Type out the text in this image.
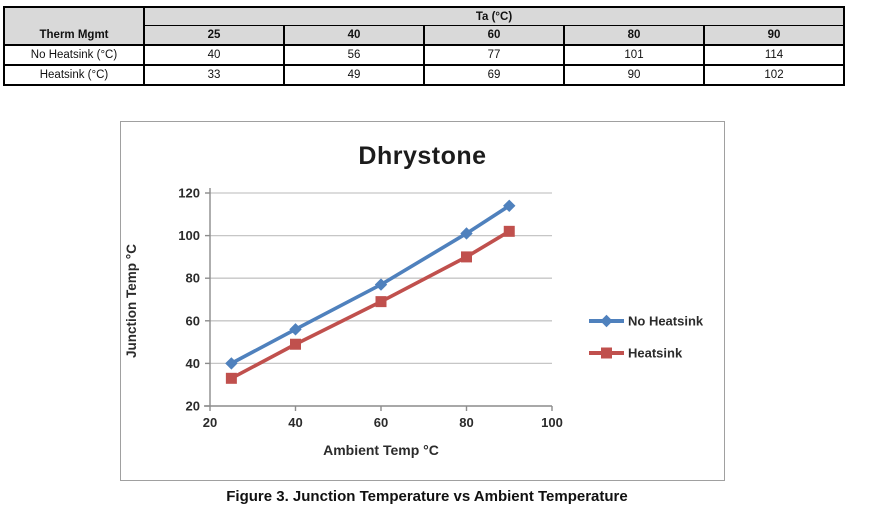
Therm Mgmt	Ta (°C)				
	25	40	60	80	90
No Heatsink (°C)	40	56	77	101	114
Heatsink (°C)	33	49	69	90	102
20
40
60
80
100
120
20	40	60	80	100
No Heatsink
Heatsink
Dhrystone
Junction Temp °C
Ambient Temp °C
Figure 3. Junction Temperature vs Ambient Temperature
